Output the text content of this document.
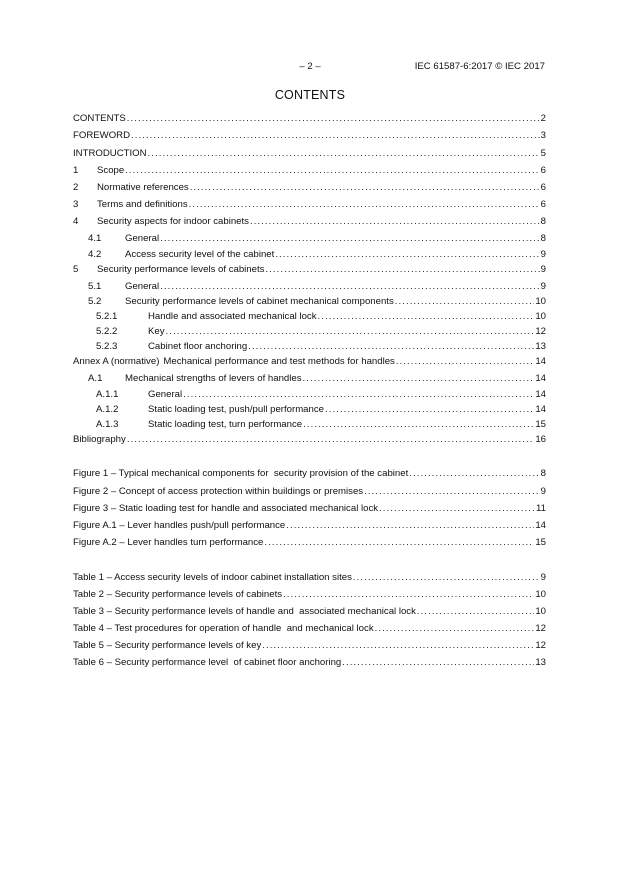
– 2 –	IEC 61587-6:2017 © IEC 2017
CONTENTS
CONTENTS . . .	2
FOREWORD . . .	3
INTRODUCTION . . .	5
1	Scope . . .	6
2	Normative references . . .	6
3	Terms and definitions . . .	6
4	Security aspects for indoor cabinets . . .	8
4.1	General . . .	8
4.2	Access security level of the cabinet . . .	9
5	Security performance levels of cabinets . . .	9
5.1	General . . .	9
5.2	Security performance levels of cabinet mechanical components . . .	10
5.2.1	Handle and associated mechanical lock . . .	10
5.2.2	Key . . .	12
5.2.3	Cabinet floor anchoring . . .	13
Annex A (normative) Mechanical performance and test methods for handles . . .	14
A.1	Mechanical strengths of levers of handles . . .	14
A.1.1	General . . .	14
A.1.2	Static loading test, push/pull performance . . .	14
A.1.3	Static loading test, turn performance . . .	15
Bibliography . . .	16
Figure 1 – Typical mechanical components for  security provision of the cabinet . . .	8
Figure 2 – Concept of access protection within buildings or premises . . .	9
Figure 3 – Static loading test for handle and associated mechanical lock . . .	11
Figure A.1 – Lever handles push/pull performance . . .	14
Figure A.2 – Lever handles turn performance . . .	15
Table 1 – Access security levels of indoor cabinet installation sites . . .	9
Table 2 – Security performance levels of cabinets . . .	10
Table 3 – Security performance levels of handle and  associated mechanical lock . . .	10
Table 4 – Test procedures for operation of handle  and mechanical lock . . .	12
Table 5 – Security performance levels of key . . .	12
Table 6 – Security performance level  of cabinet floor anchoring . . .	13
